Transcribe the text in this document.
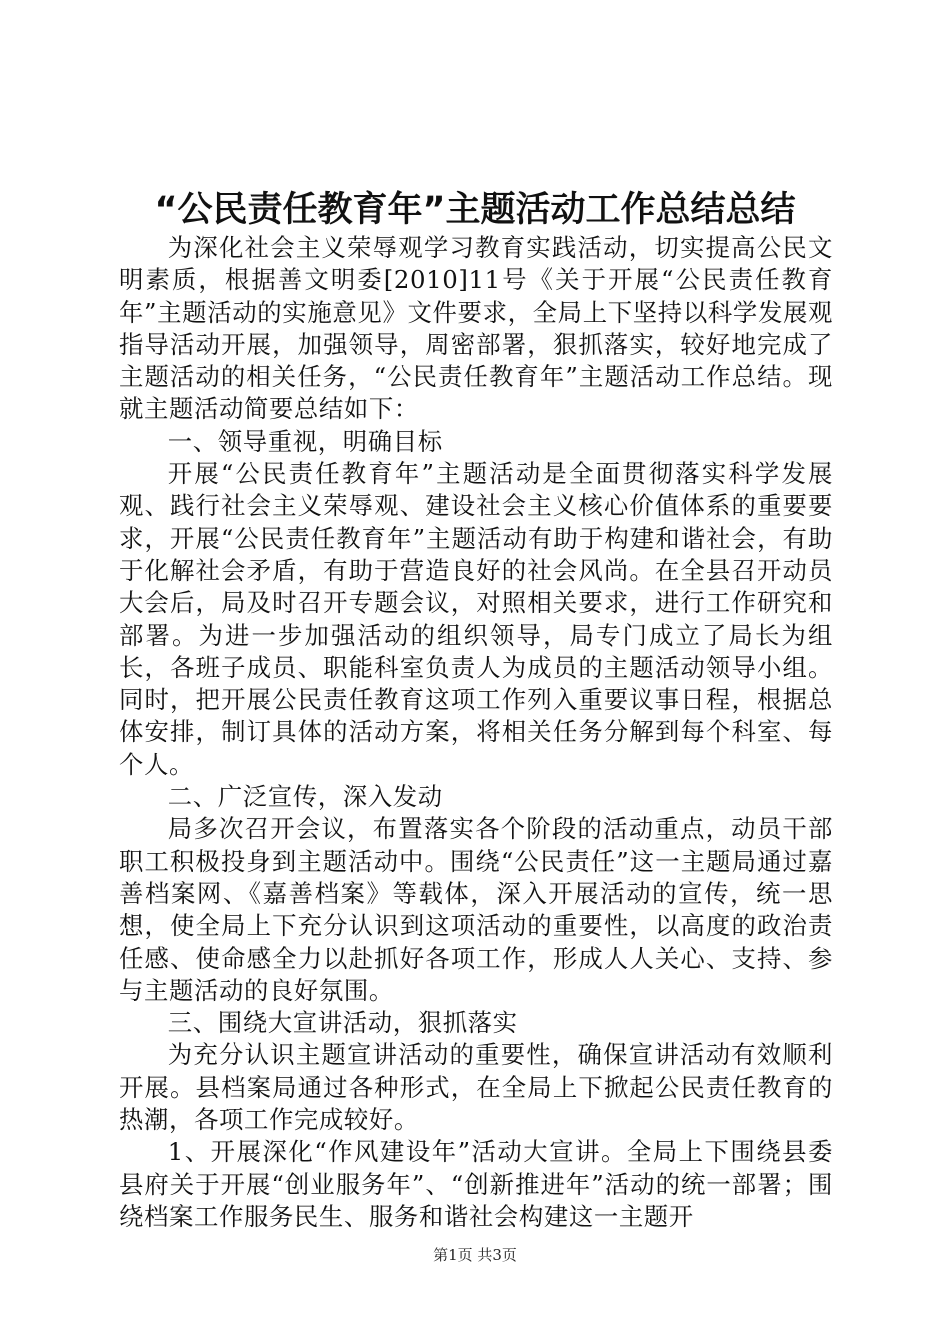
“公民责任教育年”主题活动工作总结总结

为深化社会主义荣辱观学习教育实践活动，切实提高公民文明素质，根据善文明委[2010]11号《关于开展“公民责任教育年”主题活动的实施意见》文件要求，全局上下坚持以科学发展观指导活动开展，加强领导，周密部署，狠抓落实，较好地完成了主题活动的相关任务，“公民责任教育年”主题活动工作总结。现就主题活动简要总结如下：

一、领导重视，明确目标

开展“公民责任教育年”主题活动是全面贯彻落实科学发展观、践行社会主义荣辱观、建设社会主义核心价值体系的重要要求，开展“公民责任教育年”主题活动有助于构建和谐社会，有助于化解社会矛盾，有助于营造良好的社会风尚。在全县召开动员大会后，局及时召开专题会议，对照相关要求，进行工作研究和部署。为进一步加强活动的组织领导，局专门成立了局长为组长，各班子成员、职能科室负责人为成员的主题活动领导小组。同时，把开展公民责任教育这项工作列入重要议事日程，根据总体安排，制订具体的活动方案，将相关任务分解到每个科室、每个人。

二、广泛宣传，深入发动

局多次召开会议，布置落实各个阶段的活动重点，动员干部职工积极投身到主题活动中。围绕“公民责任”这一主题局通过嘉善档案网、《嘉善档案》等载体，深入开展活动的宣传，统一思想，使全局上下充分认识到这项活动的重要性，以高度的政治责任感、使命感全力以赴抓好各项工作，形成人人关心、支持、参与主题活动的良好氛围。

三、围绕大宣讲活动，狠抓落实

为充分认识主题宣讲活动的重要性，确保宣讲活动有效顺利开展。县档案局通过各种形式，在全局上下掀起公民责任教育的热潮，各项工作完成较好。

1、开展深化“作风建设年”活动大宣讲。全局上下围绕县委县府关于开展“创业服务年”、“创新推进年”活动的统一部署；围绕档案工作服务民生、服务和谐社会构建这一主题开

第1页 共3页
